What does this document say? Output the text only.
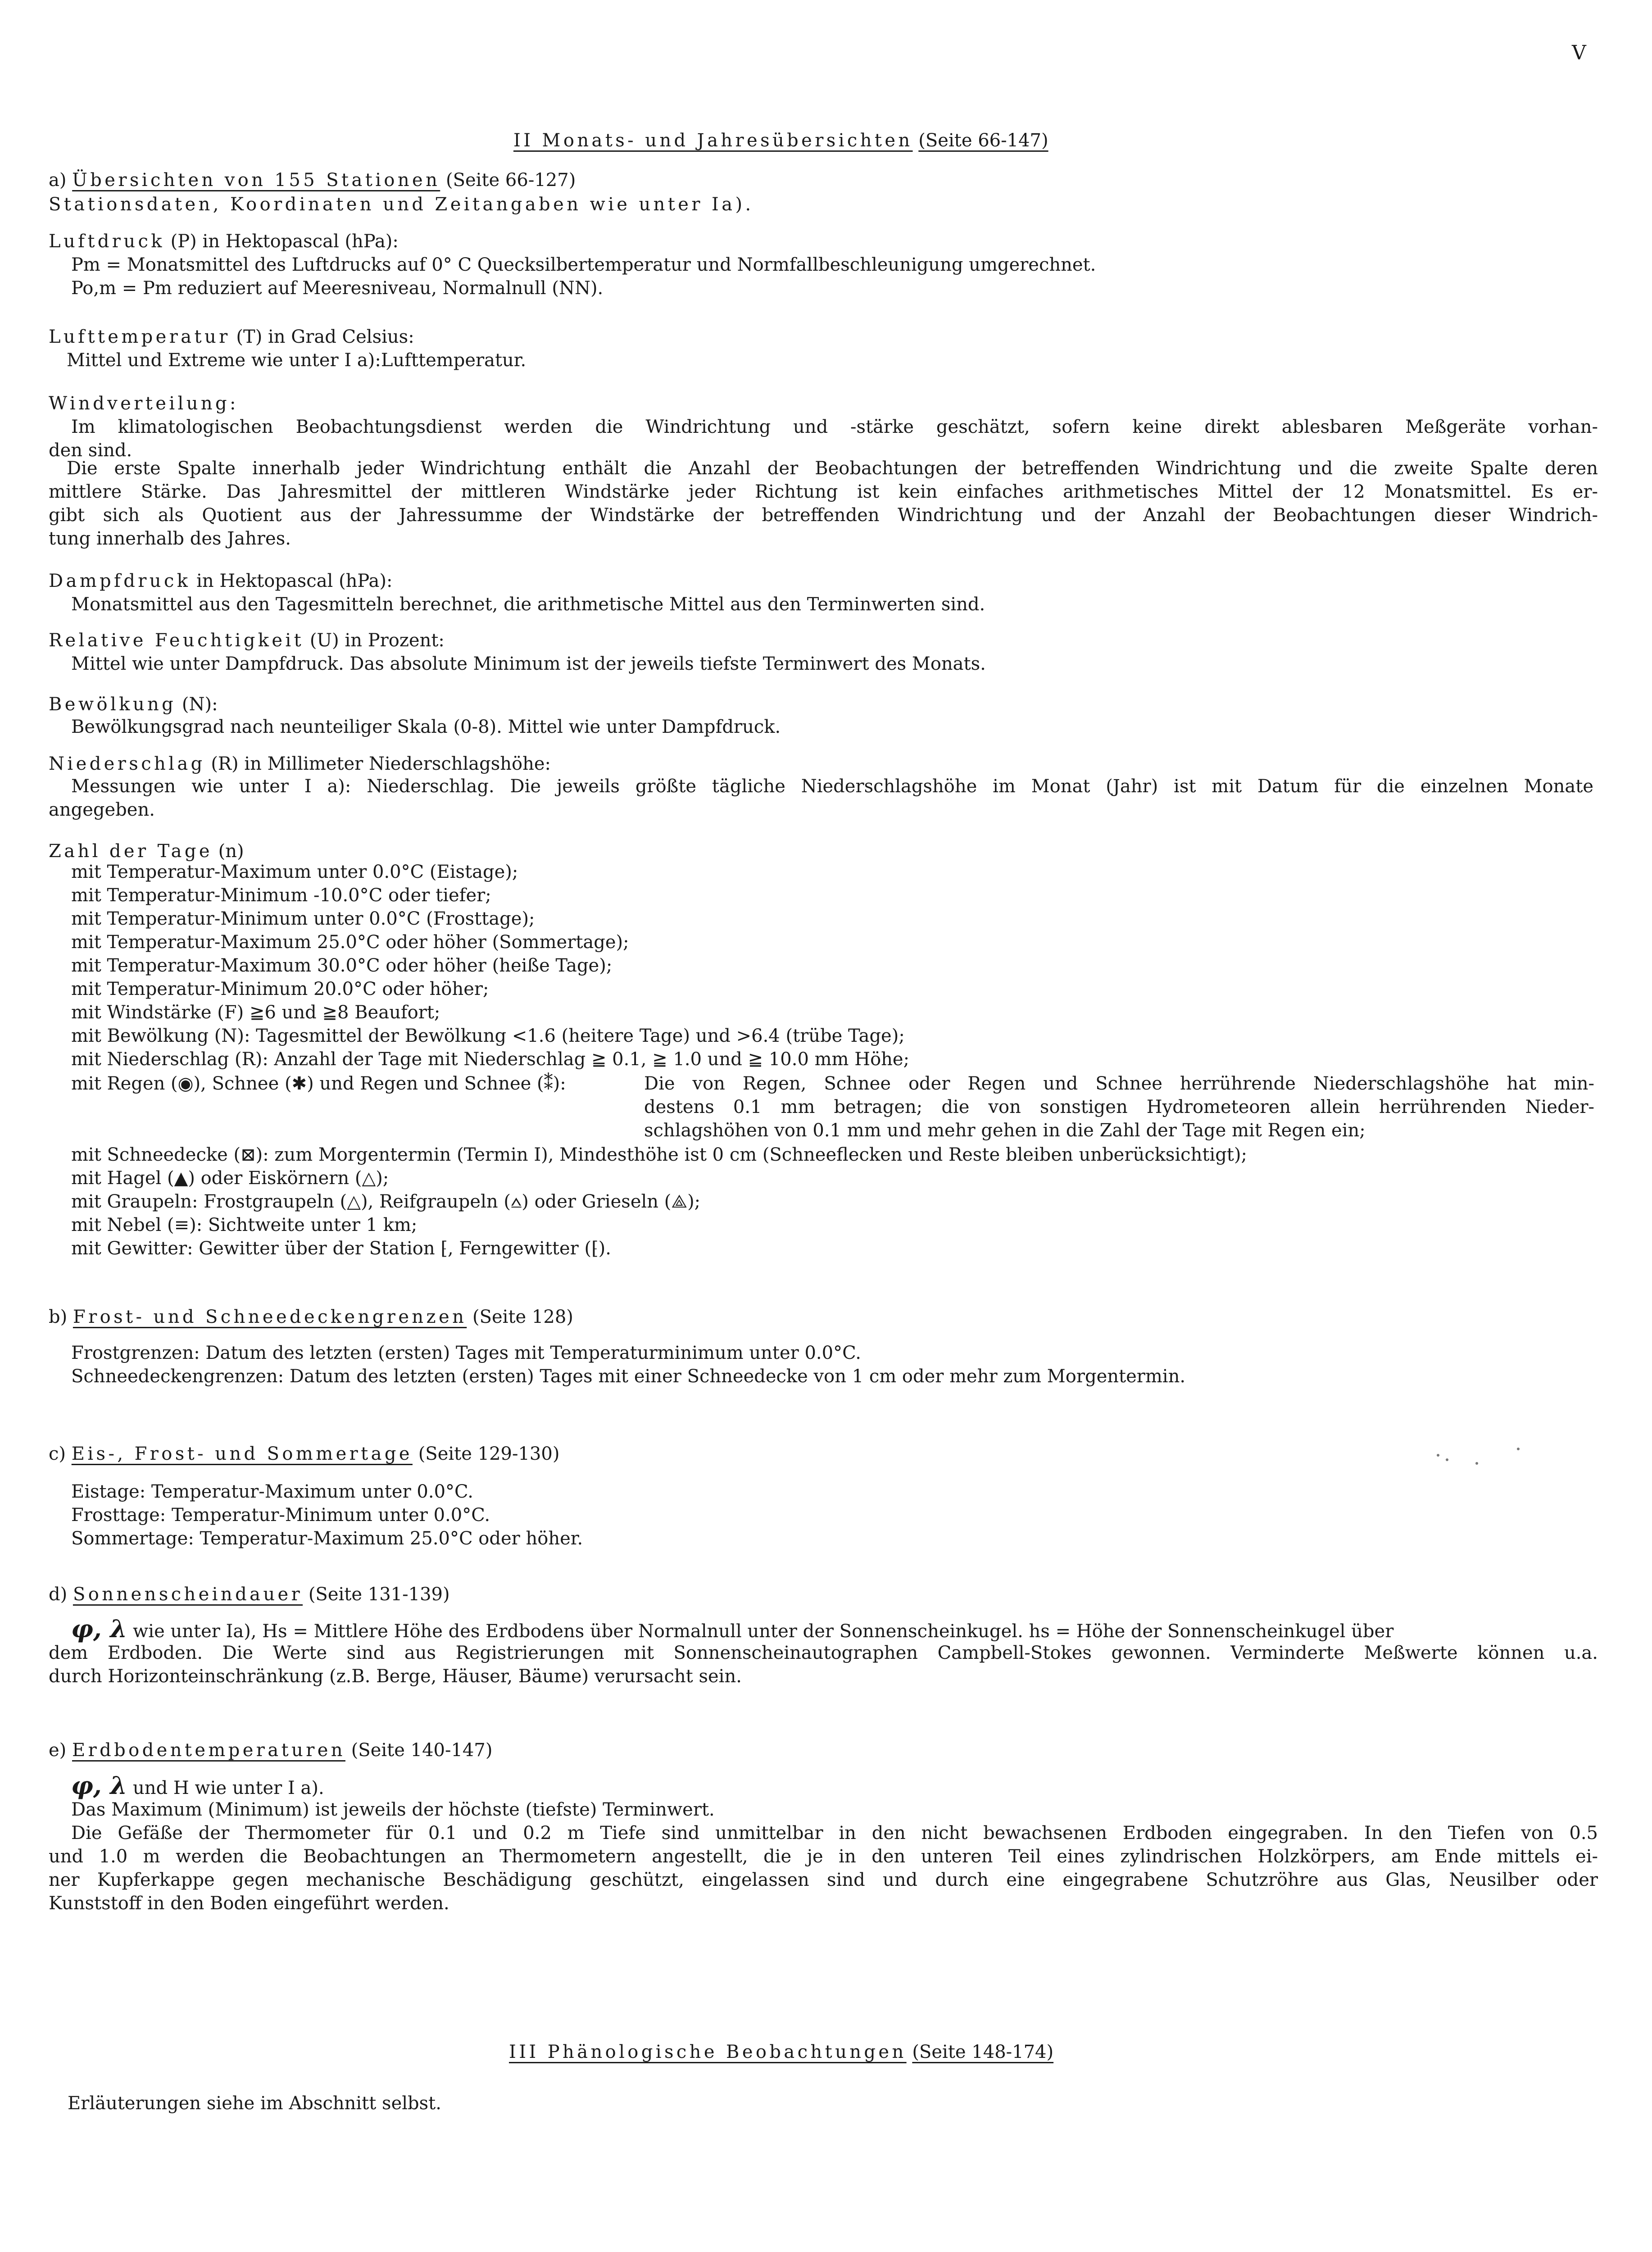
V
II Monats- und Jahresübersichten (Seite 66-147)
a) Übersichten von 155 Stationen (Seite 66-127)
Stationsdaten, Koordinaten und Zeitangaben wie unter Ia).
Luftdruck (P) in Hektopascal (hPa):
Pm = Monatsmittel des Luftdrucks auf 0° C Quecksilbertemperatur und Normfallbeschleunigung umgerechnet.
Po,m = Pm reduziert auf Meeresniveau, Normalnull (NN).
Lufttemperatur (T) in Grad Celsius:
Mittel und Extreme wie unter I a):Lufttemperatur.
Windverteilung:
Im klimatologischen Beobachtungsdienst werden die Windrichtung und -stärke geschätzt, sofern keine direkt ablesbaren Meßgeräte vorhan-
den sind.
Die erste Spalte innerhalb jeder Windrichtung enthält die Anzahl der Beobachtungen der betreffenden Windrichtung und die zweite Spalte deren
mittlere Stärke. Das Jahresmittel der mittleren Windstärke jeder Richtung ist kein einfaches arithmetisches Mittel der 12 Monatsmittel. Es er-
gibt sich als Quotient aus der Jahressumme der Windstärke der betreffenden Windrichtung und der Anzahl der Beobachtungen dieser Windrich-
tung innerhalb des Jahres.
Dampfdruck in Hektopascal (hPa):
Monatsmittel aus den Tagesmitteln berechnet, die arithmetische Mittel aus den Terminwerten sind.
Relative Feuchtigkeit (U) in Prozent:
Mittel wie unter Dampfdruck. Das absolute Minimum ist der jeweils tiefste Terminwert des Monats.
Bewölkung (N):
Bewölkungsgrad nach neunteiliger Skala (0-8). Mittel wie unter Dampfdruck.
Niederschlag (R) in Millimeter Niederschlagshöhe:
Messungen wie unter I a): Niederschlag. Die jeweils größte tägliche Niederschlagshöhe im Monat (Jahr) ist mit Datum für die einzelnen Monate
angegeben.
Zahl der Tage (n)
mit Temperatur-Maximum unter 0.0°C (Eistage);
mit Temperatur-Minimum -10.0°C oder tiefer;
mit Temperatur-Minimum unter 0.0°C (Frosttage);
mit Temperatur-Maximum 25.0°C oder höher (Sommertage);
mit Temperatur-Maximum 30.0°C oder höher (heiße Tage);
mit Temperatur-Minimum 20.0°C oder höher;
mit Windstärke (F) ≧6 und ≧8 Beaufort;
mit Bewölkung (N): Tagesmittel der Bewölkung <1.6 (heitere Tage) und >6.4 (trübe Tage);
mit Niederschlag (R): Anzahl der Tage mit Niederschlag ≧ 0.1, ≧ 1.0 und ≧ 10.0 mm Höhe;
mit Regen (◉), Schnee (✱) und Regen und Schnee (⁑):	Die von Regen, Schnee oder Regen und Schnee herrührende Niederschlagshöhe hat min-
destens 0.1 mm betragen; die von sonstigen Hydrometeoren allein herrührenden Nieder-
schlagshöhen von 0.1 mm und mehr gehen in die Zahl der Tage mit Regen ein;
mit Schneedecke (⊠): zum Morgentermin (Termin I), Mindesthöhe ist 0 cm (Schneeflecken und Reste bleiben unberücksichtigt);
mit Hagel (▲) oder Eiskörnern (△);
mit Graupeln: Frostgraupeln (△), Reifgraupeln (⩟) oder Grieseln (⟁);
mit Nebel (≡): Sichtweite unter 1 km;
mit Gewitter: Gewitter über der Station ⁅, Ferngewitter (⁅).
b) Frost- und Schneedeckengrenzen (Seite 128)
Frostgrenzen: Datum des letzten (ersten) Tages mit Temperaturminimum unter 0.0°C.
Schneedeckengrenzen: Datum des letzten (ersten) Tages mit einer Schneedecke von 1 cm oder mehr zum Morgentermin.
c) Eis-, Frost- und Sommertage (Seite 129-130)
Eistage: Temperatur-Maximum unter 0.0°C.
Frosttage: Temperatur-Minimum unter 0.0°C.
Sommertage: Temperatur-Maximum 25.0°C oder höher.
d) Sonnenscheindauer (Seite 131-139)
φ, λ wie unter Ia), Hs = Mittlere Höhe des Erdbodens über Normalnull unter der Sonnenscheinkugel. hs = Höhe der Sonnenscheinkugel über
dem Erdboden. Die Werte sind aus Registrierungen mit Sonnenscheinautographen Campbell-Stokes gewonnen. Verminderte Meßwerte können u.a.
durch Horizonteinschränkung (z.B. Berge, Häuser, Bäume) verursacht sein.
e) Erdbodentemperaturen (Seite 140-147)
φ, λ und H wie unter I a).
Das Maximum (Minimum) ist jeweils der höchste (tiefste) Terminwert.
Die Gefäße der Thermometer für 0.1 und 0.2 m Tiefe sind unmittelbar in den nicht bewachsenen Erdboden eingegraben. In den Tiefen von 0.5
und 1.0 m werden die Beobachtungen an Thermometern angestellt, die je in den unteren Teil eines zylindrischen Holzkörpers, am Ende mittels ei-
ner Kupferkappe gegen mechanische Beschädigung geschützt, eingelassen sind und durch eine eingegrabene Schutzröhre aus Glas, Neusilber oder
Kunststoff in den Boden eingeführt werden.
III Phänologische Beobachtungen (Seite 148-174)
Erläuterungen siehe im Abschnitt selbst.
